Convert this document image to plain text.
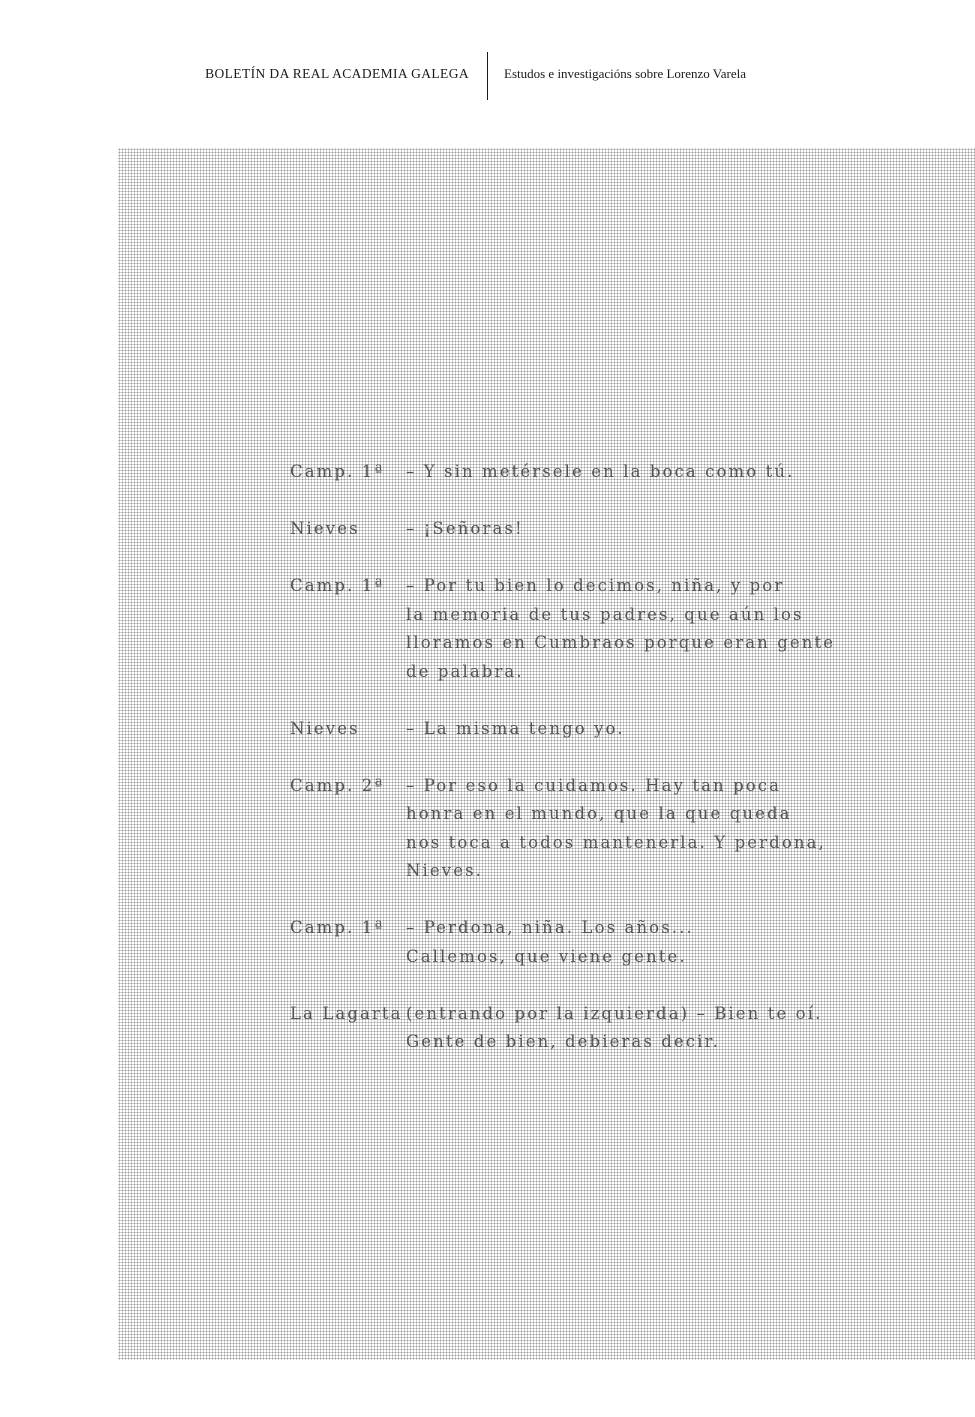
BOLETÍN DA REAL ACADEMIA GALEGA	Estudos e investigacións sobre Lorenzo Varela
Camp. 1ª	– Y sin metérsele en la boca como tú.
Nieves	– ¡Señoras!
Camp. 1ª	– Por tu bien lo decimos, niña, y por
la memoria de tus padres, que aún los
lloramos en Cumbraos porque eran gente
de palabra.
Nieves	– La misma tengo yo.
Camp. 2ª	– Por eso la cuidamos. Hay tan poca
honra en el mundo, que la que queda
nos toca a todos mantenerla. Y perdona,
Nieves.
Camp. 1ª	– Perdona, niña. Los años...
Callemos, que viene gente.
La Lagarta (entrando por la izquierda) – Bien te oí.
Gente de bien, debieras decir.
